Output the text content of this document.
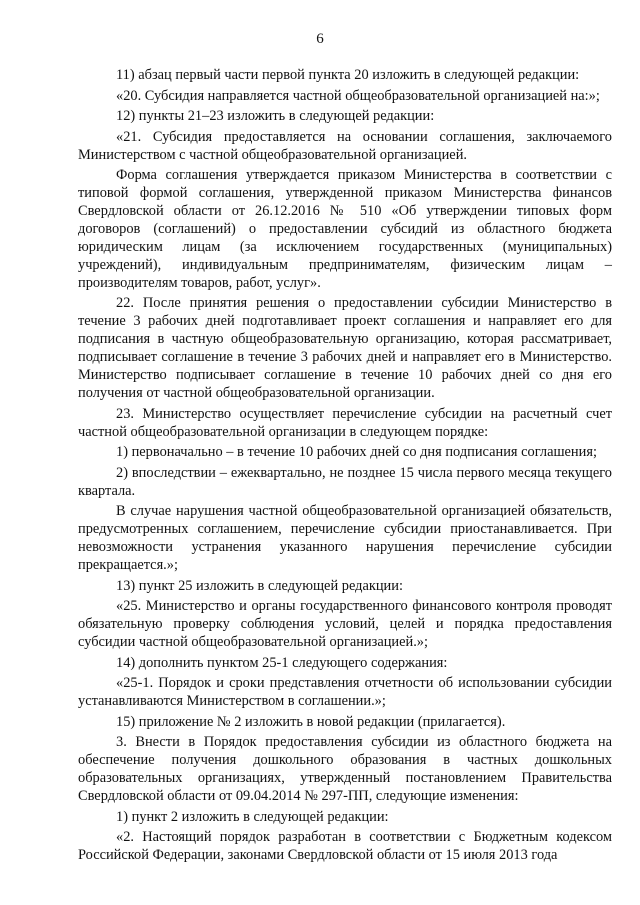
6

11) абзац первый части первой пункта 20 изложить в следующей редакции:

«20. Субсидия направляется частной общеобразовательной организацией на:»;

12) пункты 21–23 изложить в следующей редакции:

«21. Субсидия предоставляется на основании соглашения, заключаемого Министерством с частной общеобразовательной организацией.

Форма соглашения утверждается приказом Министерства в соответствии с типовой формой соглашения, утвержденной приказом Министерства финансов Свердловской области от 26.12.2016 № 510 «Об утверждении типовых форм договоров (соглашений) о предоставлении субсидий из областного бюджета юридическим лицам (за исключением государственных (муниципальных) учреждений), индивидуальным предпринимателям, физическим лицам – производителям товаров, работ, услуг».

22. После принятия решения о предоставлении субсидии Министерство в течение 3 рабочих дней подготавливает проект соглашения и направляет его для подписания в частную общеобразовательную организацию, которая рассматривает, подписывает соглашение в течение 3 рабочих дней и направляет его в Министерство. Министерство подписывает соглашение в течение 10 рабочих дней со дня его получения от частной общеобразовательной организации.

23. Министерство осуществляет перечисление субсидии на расчетный счет частной общеобразовательной организации в следующем порядке:

1) первоначально – в течение 10 рабочих дней со дня подписания соглашения;

2) впоследствии – ежеквартально, не позднее 15 числа первого месяца текущего квартала.

В случае нарушения частной общеобразовательной организацией обязательств, предусмотренных соглашением, перечисление субсидии приостанавливается. При невозможности устранения указанного нарушения перечисление субсидии прекращается.»;

13) пункт 25 изложить в следующей редакции:

«25. Министерство и органы государственного финансового контроля проводят обязательную проверку соблюдения условий, целей и порядка предоставления субсидии частной общеобразовательной организацией.»;

14) дополнить пунктом 25-1 следующего содержания:

«25-1. Порядок и сроки представления отчетности об использовании субсидии устанавливаются Министерством в соглашении.»;

15) приложение № 2 изложить в новой редакции (прилагается).

3. Внести в Порядок предоставления субсидии из областного бюджета на обеспечение получения дошкольного образования в частных дошкольных образовательных организациях, утвержденный постановлением Правительства Свердловской области от 09.04.2014 № 297-ПП, следующие изменения:

1) пункт 2 изложить в следующей редакции:

«2. Настоящий порядок разработан в соответствии с Бюджетным кодексом Российской Федерации, законами Свердловской области от 15 июля 2013 года
